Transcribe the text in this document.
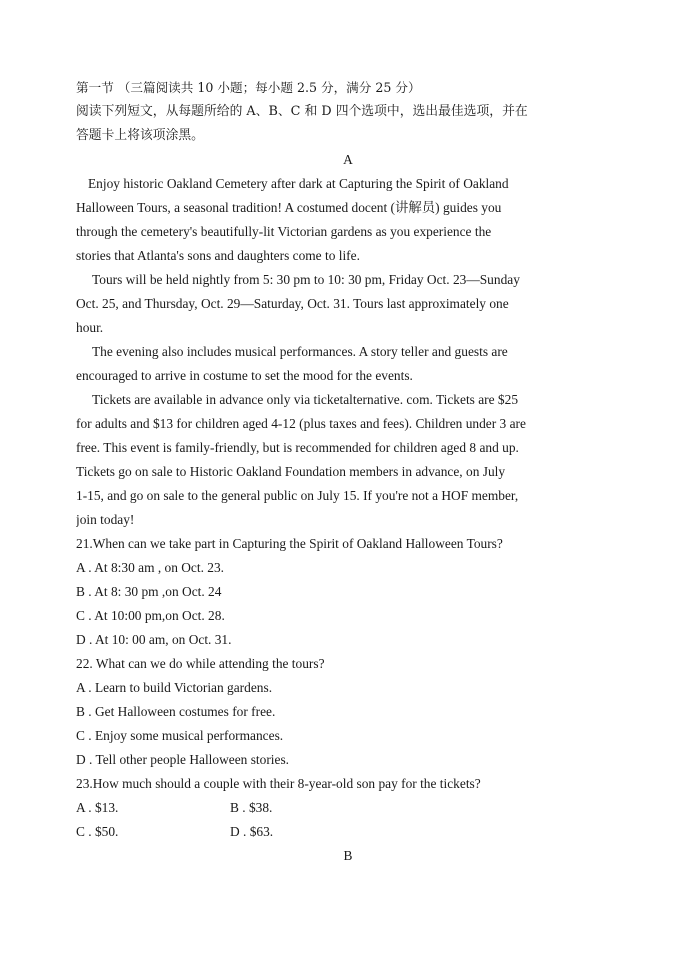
第一节 （三篇阅读共 10 小题；每小题 2.5 分，满分 25 分）
阅读下列短文，从每题所给的 A、B、C 和 D 四个选项中，选出最佳选项，并在
答题卡上将该项涂黑。
A
Enjoy historic Oakland Cemetery after dark at Capturing the Spirit of Oakland
Halloween Tours, a seasonal tradition! A costumed docent (讲解员) guides you
through the cemetery's beautifully-lit Victorian gardens as you experience the
stories that Atlanta's sons and daughters come to life.
Tours will be held nightly from 5: 30 pm to 10: 30 pm, Friday Oct. 23—Sunday
Oct. 25, and Thursday, Oct. 29—Saturday, Oct. 31. Tours last approximately one
hour.
The evening also includes musical performances. A story teller and guests are
encouraged to arrive in costume to set the mood for the events.
Tickets are available in advance only via ticketalternative. com. Tickets are $25
for adults and $13 for children aged 4-12 (plus taxes and fees). Children under 3 are
free. This event is family-friendly, but is recommended for children aged 8 and up.
Tickets go on sale to Historic Oakland Foundation members in advance, on July
1-15, and go on sale to the general public on July 15. If you're not a HOF member,
join today!
21.When can we take part in Capturing the Spirit of Oakland Halloween Tours?
A . At 8:30 am , on Oct. 23.
B . At 8: 30 pm ,on Oct. 24
C . At 10:00 pm,on Oct. 28.
D . At 10: 00 am, on Oct. 31.
22. What can we do while attending the tours?
A . Learn to build Victorian gardens.
B . Get Halloween costumes for free.
C . Enjoy some musical performances.
D . Tell other people Halloween stories.
23.How much should a couple with their 8-year-old son pay for the tickets?
A . $13.	B . $38.
C . $50.	D . $63.
B
